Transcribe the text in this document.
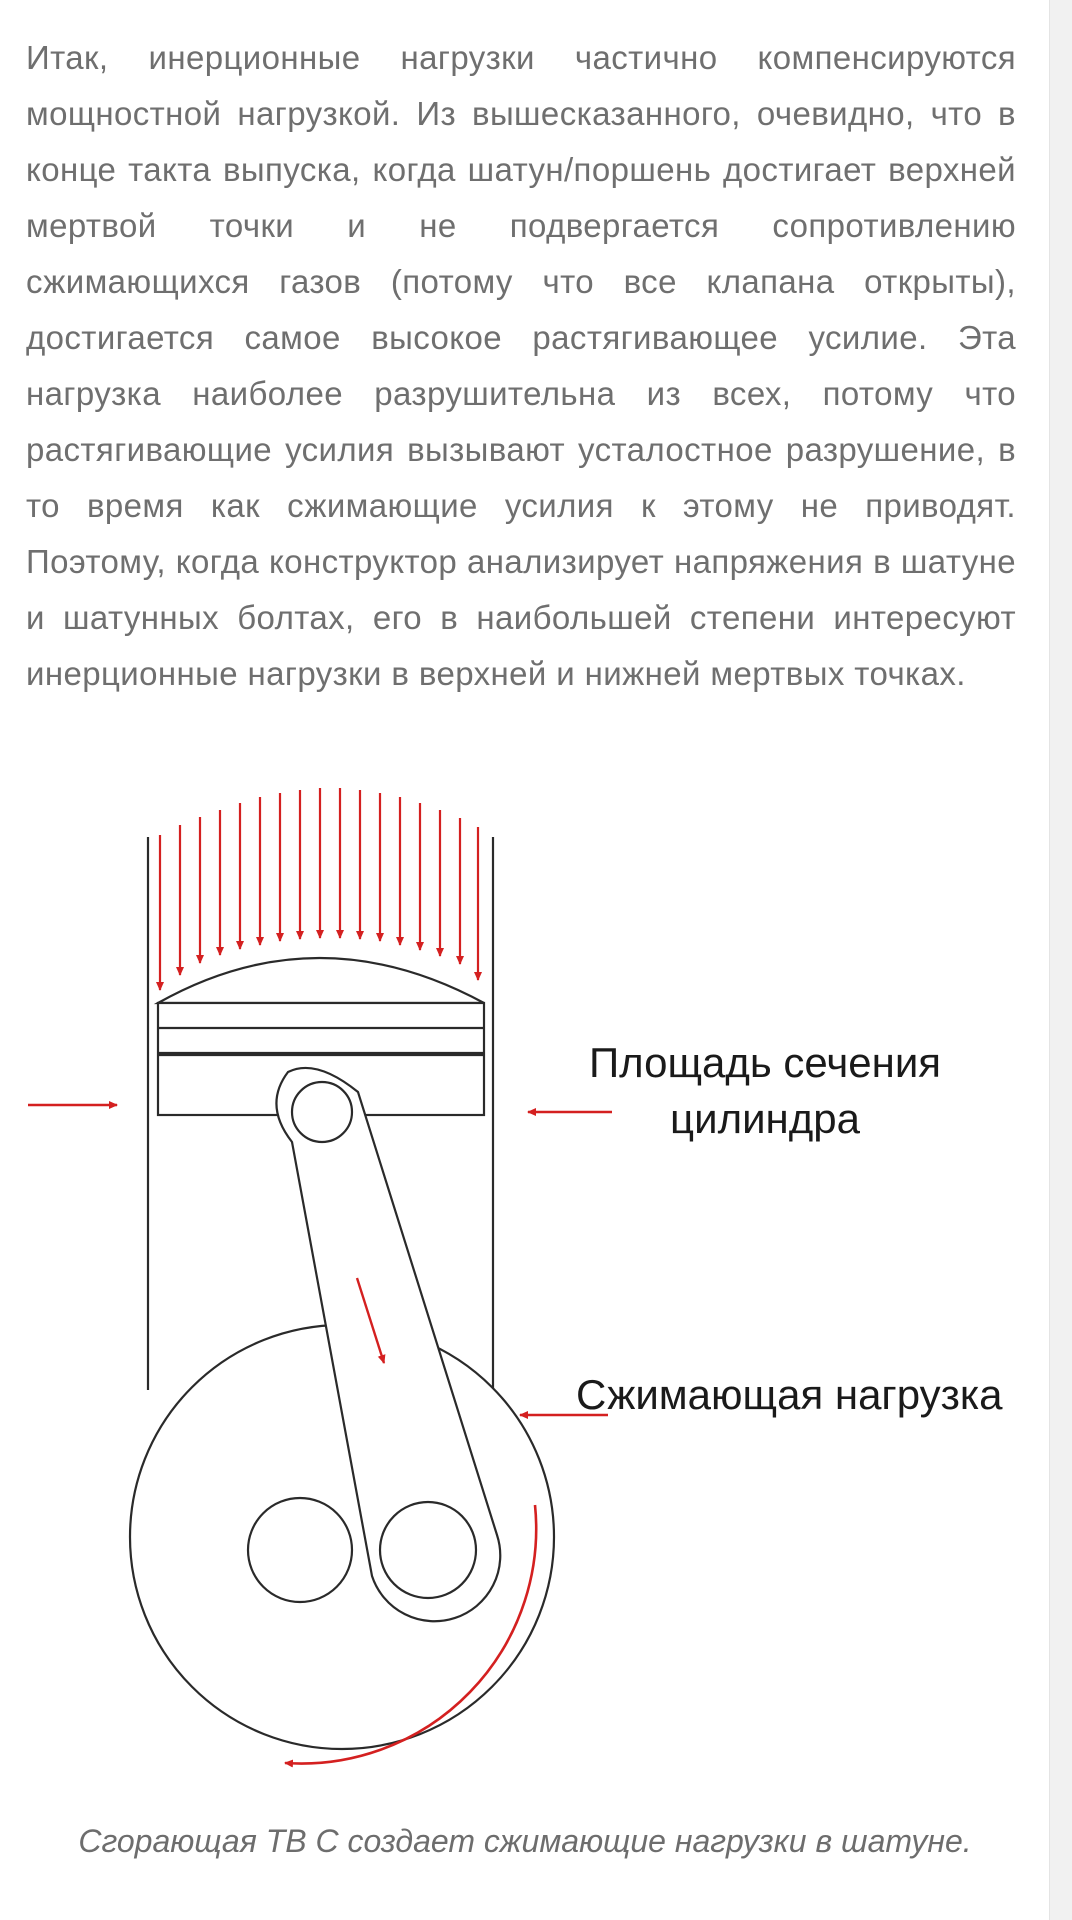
Итак, инерционные нагрузки частично компенсируются мощностной нагрузкой. Из вышесказанного, очевидно, что в конце такта выпуска, когда шатун/поршень достигает верхней мертвой точки и не подвергается сопротивлению сжимающихся газов (потому что все клапана открыты), достигается самое высокое растягивающее усилие. Эта нагрузка наиболее разрушительна из всех, потому что растягивающие усилия вызывают усталостное разрушение, в то время как сжимающие усилия к этому не приводят. Поэтому, когда конструктор анализирует напряжения в шатуне и шатунных болтах, его в наибольшей степени интересуют инерционные нагрузки в верхней и нижней мертвых точках.

Площадь сечения
цилиндра
Сжимающая нагрузка

Сгорающая ТВ С создает сжимающие нагрузки в шатуне.
